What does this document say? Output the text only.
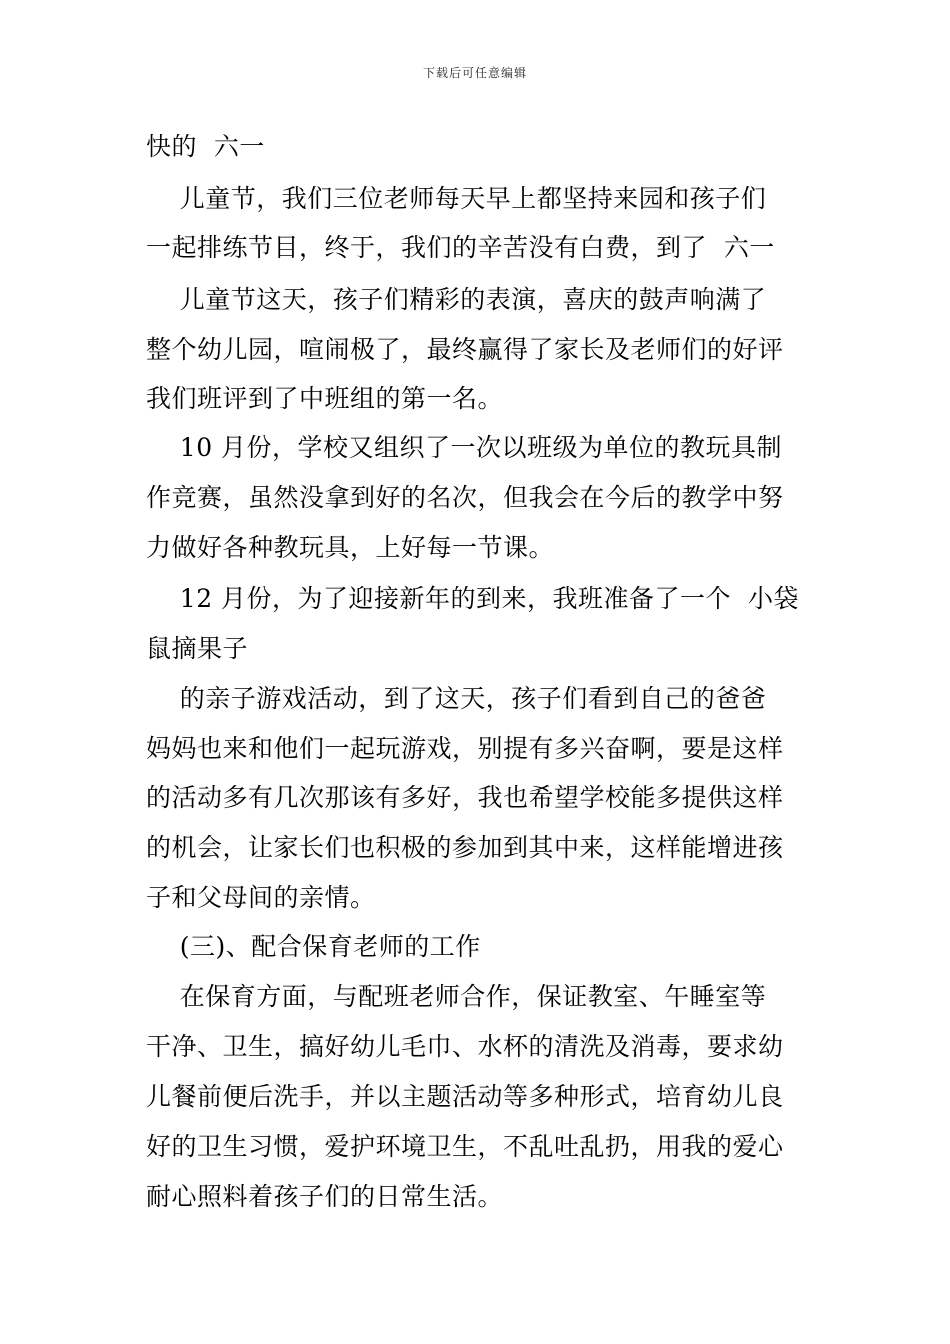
下载后可任意编辑
快的  六一
儿童节，我们三位老师每天早上都坚持来园和孩子们
一起排练节目，终于，我们的辛苦没有白费，到了  六一
儿童节这天，孩子们精彩的表演，喜庆的鼓声响满了
整个幼儿园，喧闹极了，最终赢得了家长及老师们的好评
我们班评到了中班组的第一名。
10 月份，学校又组织了一次以班级为单位的教玩具制
作竞赛，虽然没拿到好的名次，但我会在今后的教学中努
力做好各种教玩具，上好每一节课。
12 月份，为了迎接新年的到来，我班准备了一个  小袋
鼠摘果子
的亲子游戏活动，到了这天，孩子们看到自己的爸爸
妈妈也来和他们一起玩游戏，别提有多兴奋啊，要是这样
的活动多有几次那该有多好，我也希望学校能多提供这样
的机会，让家长们也积极的参加到其中来，这样能增进孩
子和父母间的亲情。
(三)、配合保育老师的工作
在保育方面，与配班老师合作，保证教室、午睡室等
干净、卫生，搞好幼儿毛巾、水杯的清洗及消毒，要求幼
儿餐前便后洗手，并以主题活动等多种形式，培育幼儿良
好的卫生习惯，爱护环境卫生，不乱吐乱扔，用我的爱心
耐心照料着孩子们的日常生活。
